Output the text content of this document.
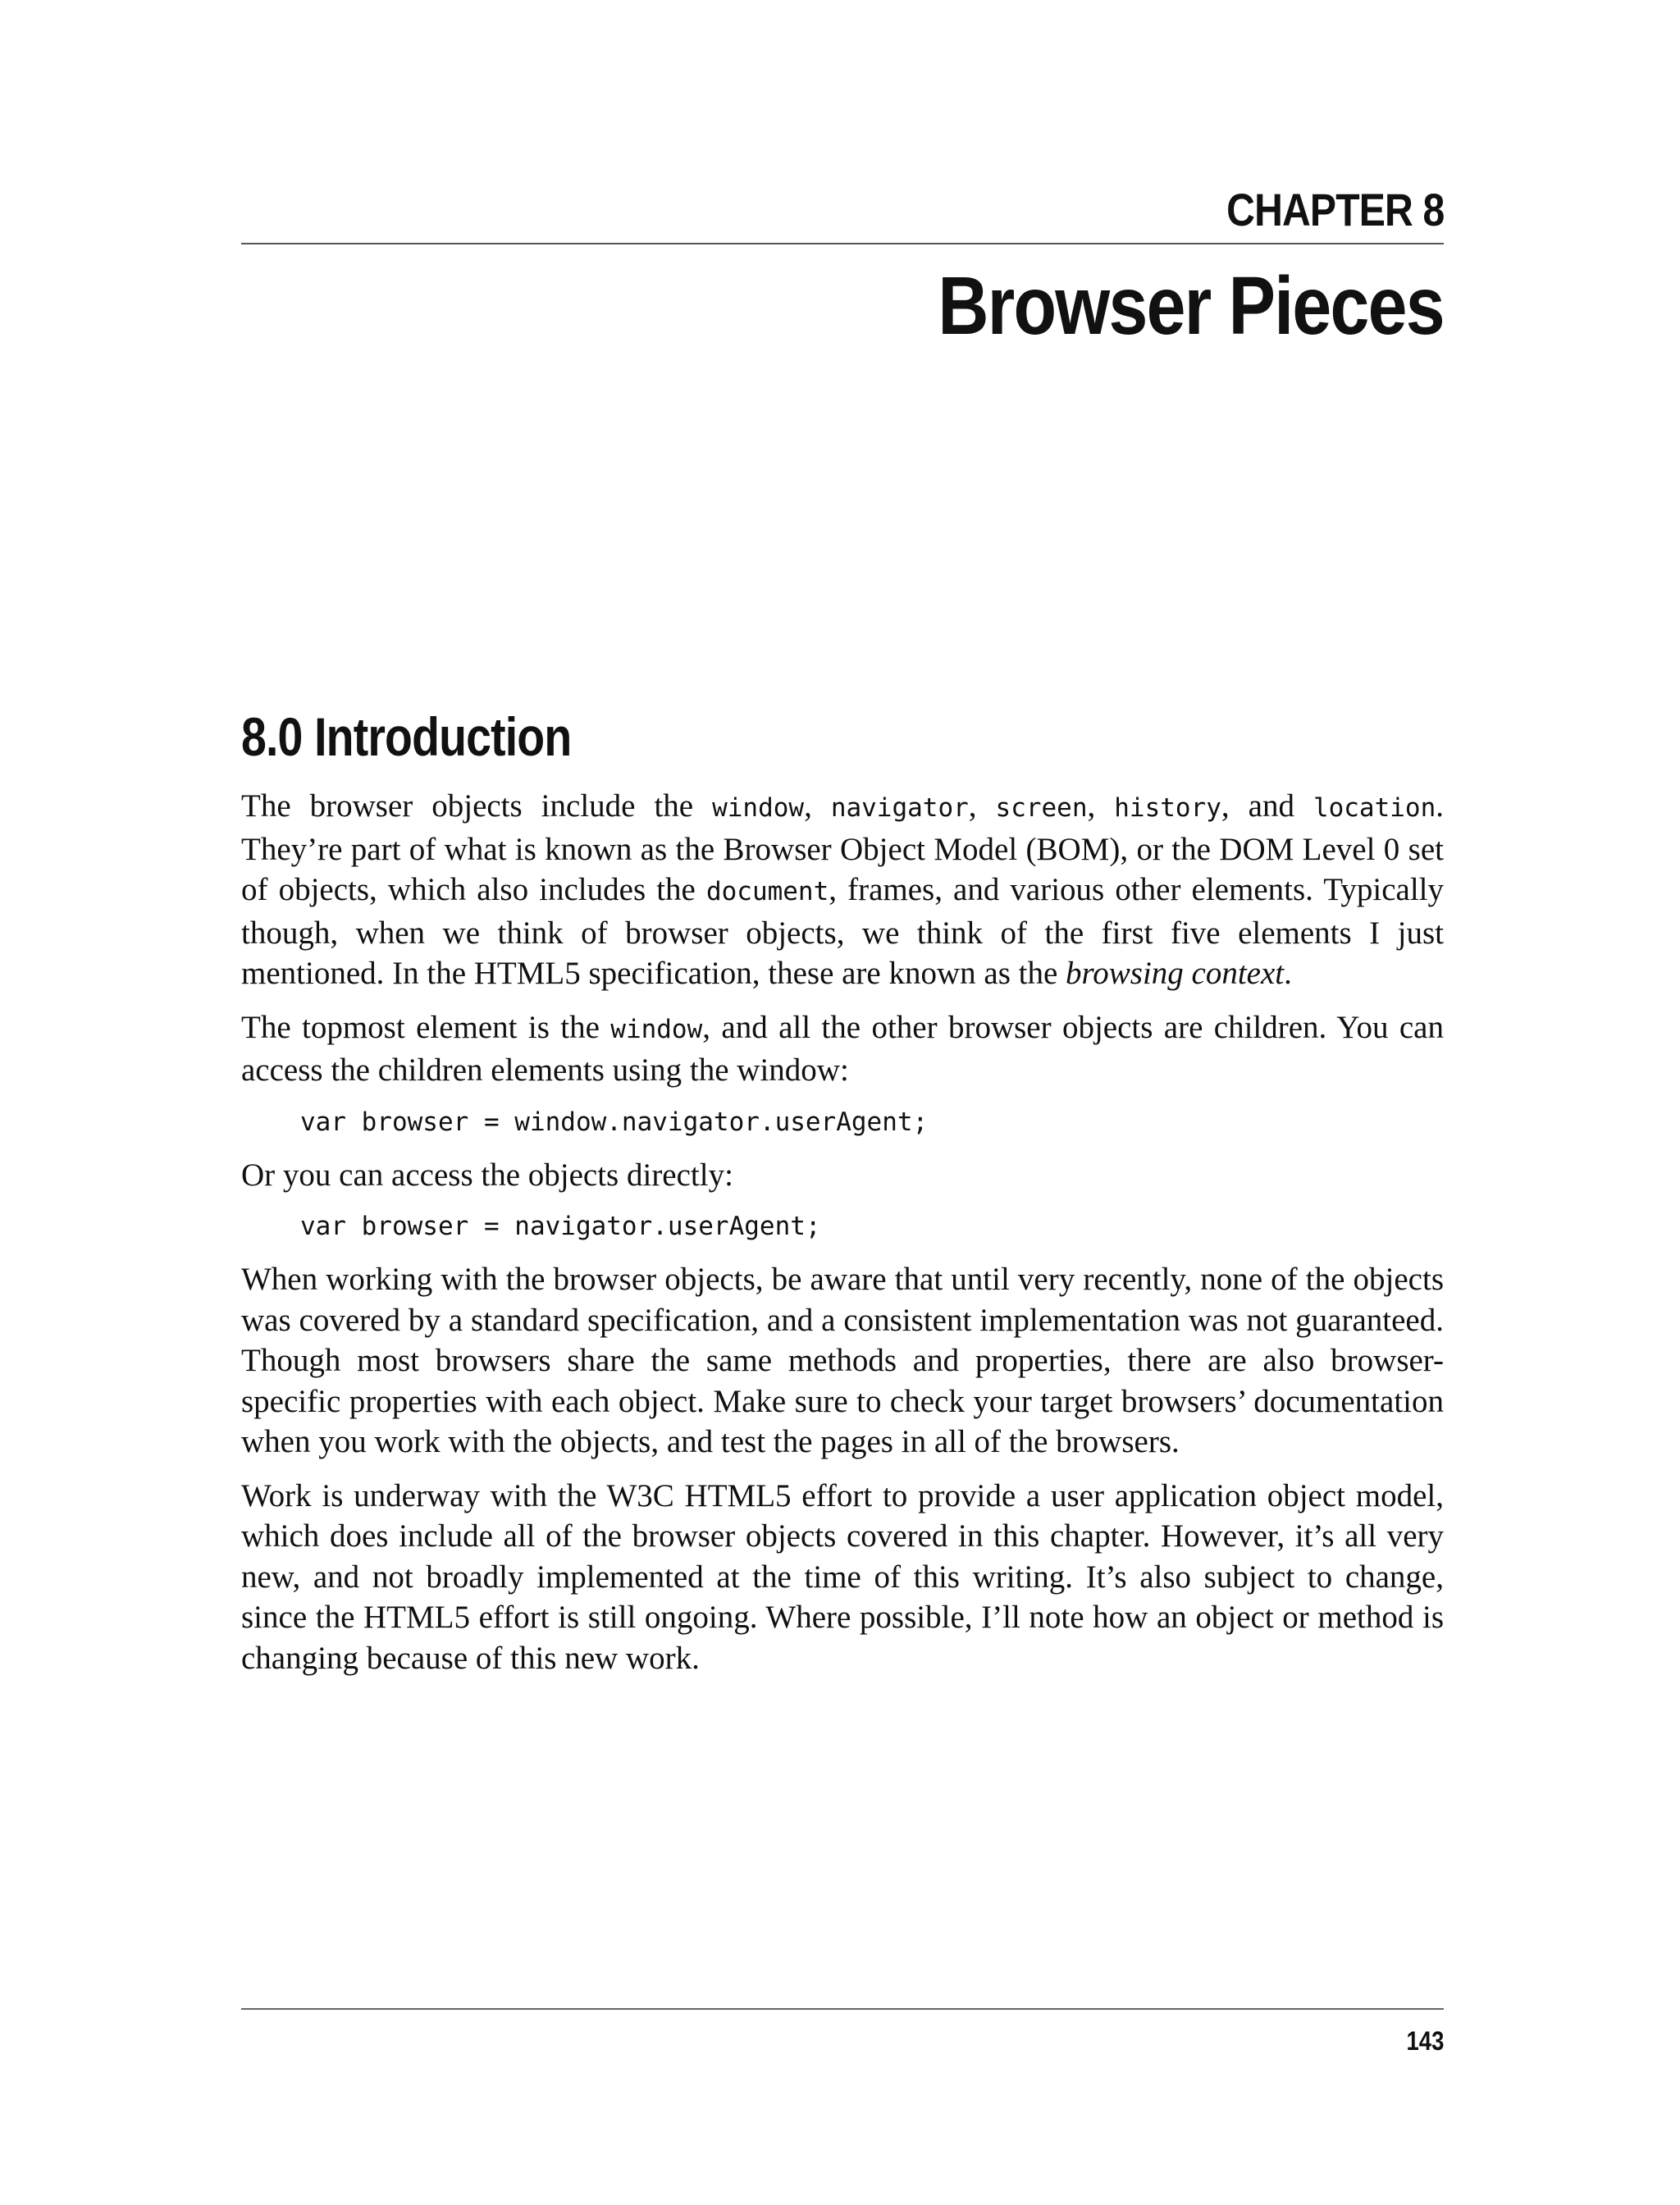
CHAPTER 8
Browser Pieces
8.0 Introduction

The browser objects include the window, navigator, screen, history, and location. They’re part of what is known as the Browser Object Model (BOM), or the DOM Level 0 set of objects, which also includes the document, frames, and various other elements. Typically though, when we think of browser objects, we think of the first five elements I just mentioned. In the HTML5 specification, these are known as the browsing context.

The topmost element is the window, and all the other browser objects are children. You can access the children elements using the window:

var browser = window.navigator.userAgent;

Or you can access the objects directly:

var browser = navigator.userAgent;

When working with the browser objects, be aware that until very recently, none of the objects was covered by a standard specification, and a consistent implementation was not guaranteed. Though most browsers share the same methods and properties, there are also browser-specific properties with each object. Make sure to check your target browsers’ documentation when you work with the objects, and test the pages in all of the browsers.

Work is underway with the W3C HTML5 effort to provide a user application object model, which does include all of the browser objects covered in this chapter. However, it’s all very new, and not broadly implemented at the time of this writing. It’s also subject to change, since the HTML5 effort is still ongoing. Where possible, I’ll note how an object or method is changing because of this new work.

143
